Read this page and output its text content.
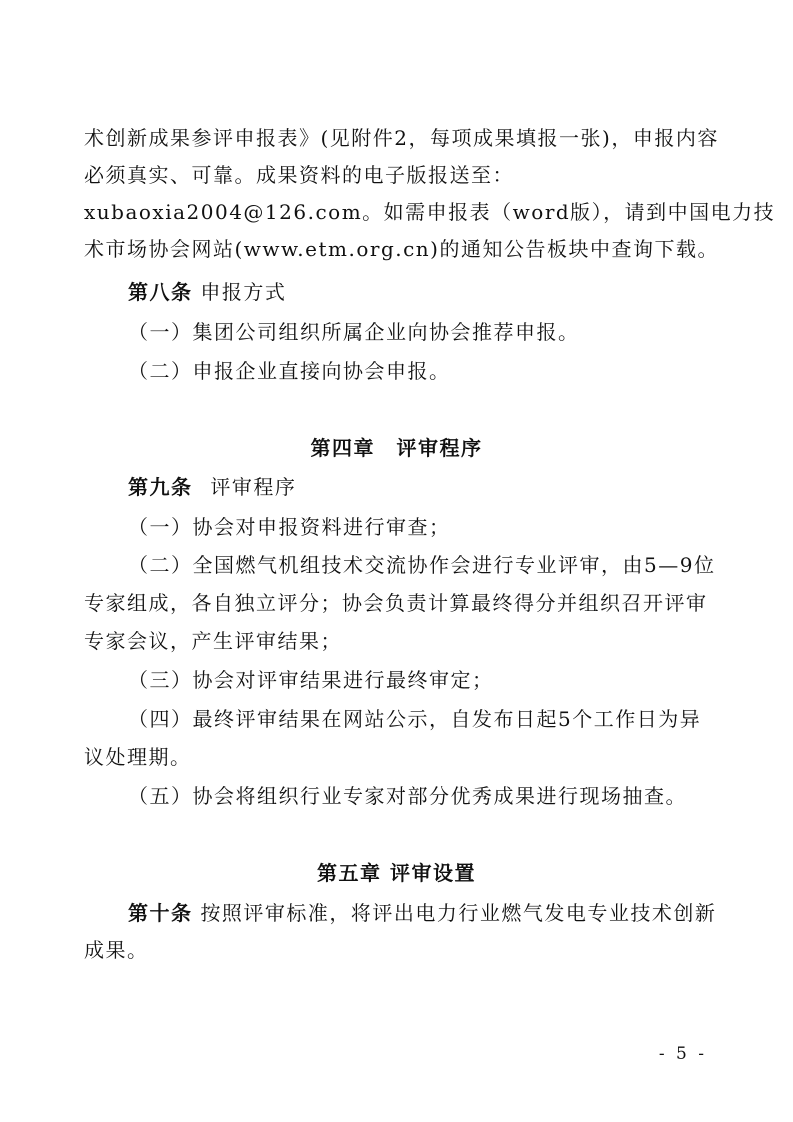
术创新成果参评申报表》(见附件2，每项成果填报一张)，申报内容
必须真实、可靠。成果资料的电子版报送至：
xubaoxia2004@126.com。如需申报表（word版），请到中国电力技
术市场协会网站(www.etm.org.cn)的通知公告板块中查询下载。
第八条 申报方式
（一）集团公司组织所属企业向协会推荐申报。
（二）申报企业直接向协会申报。
第四章　评审程序
第九条 评审程序
（一）协会对申报资料进行审查；
（二）全国燃气机组技术交流协作会进行专业评审，由5—9位
专家组成，各自独立评分；协会负责计算最终得分并组织召开评审
专家会议，产生评审结果；
（三）协会对评审结果进行最终审定；
（四）最终评审结果在网站公示，自发布日起5个工作日为异
议处理期。
（五）协会将组织行业专家对部分优秀成果进行现场抽查。
第五章 评审设置
第十条 按照评审标准，将评出电力行业燃气发电专业技术创新
成果。
- 5 -
